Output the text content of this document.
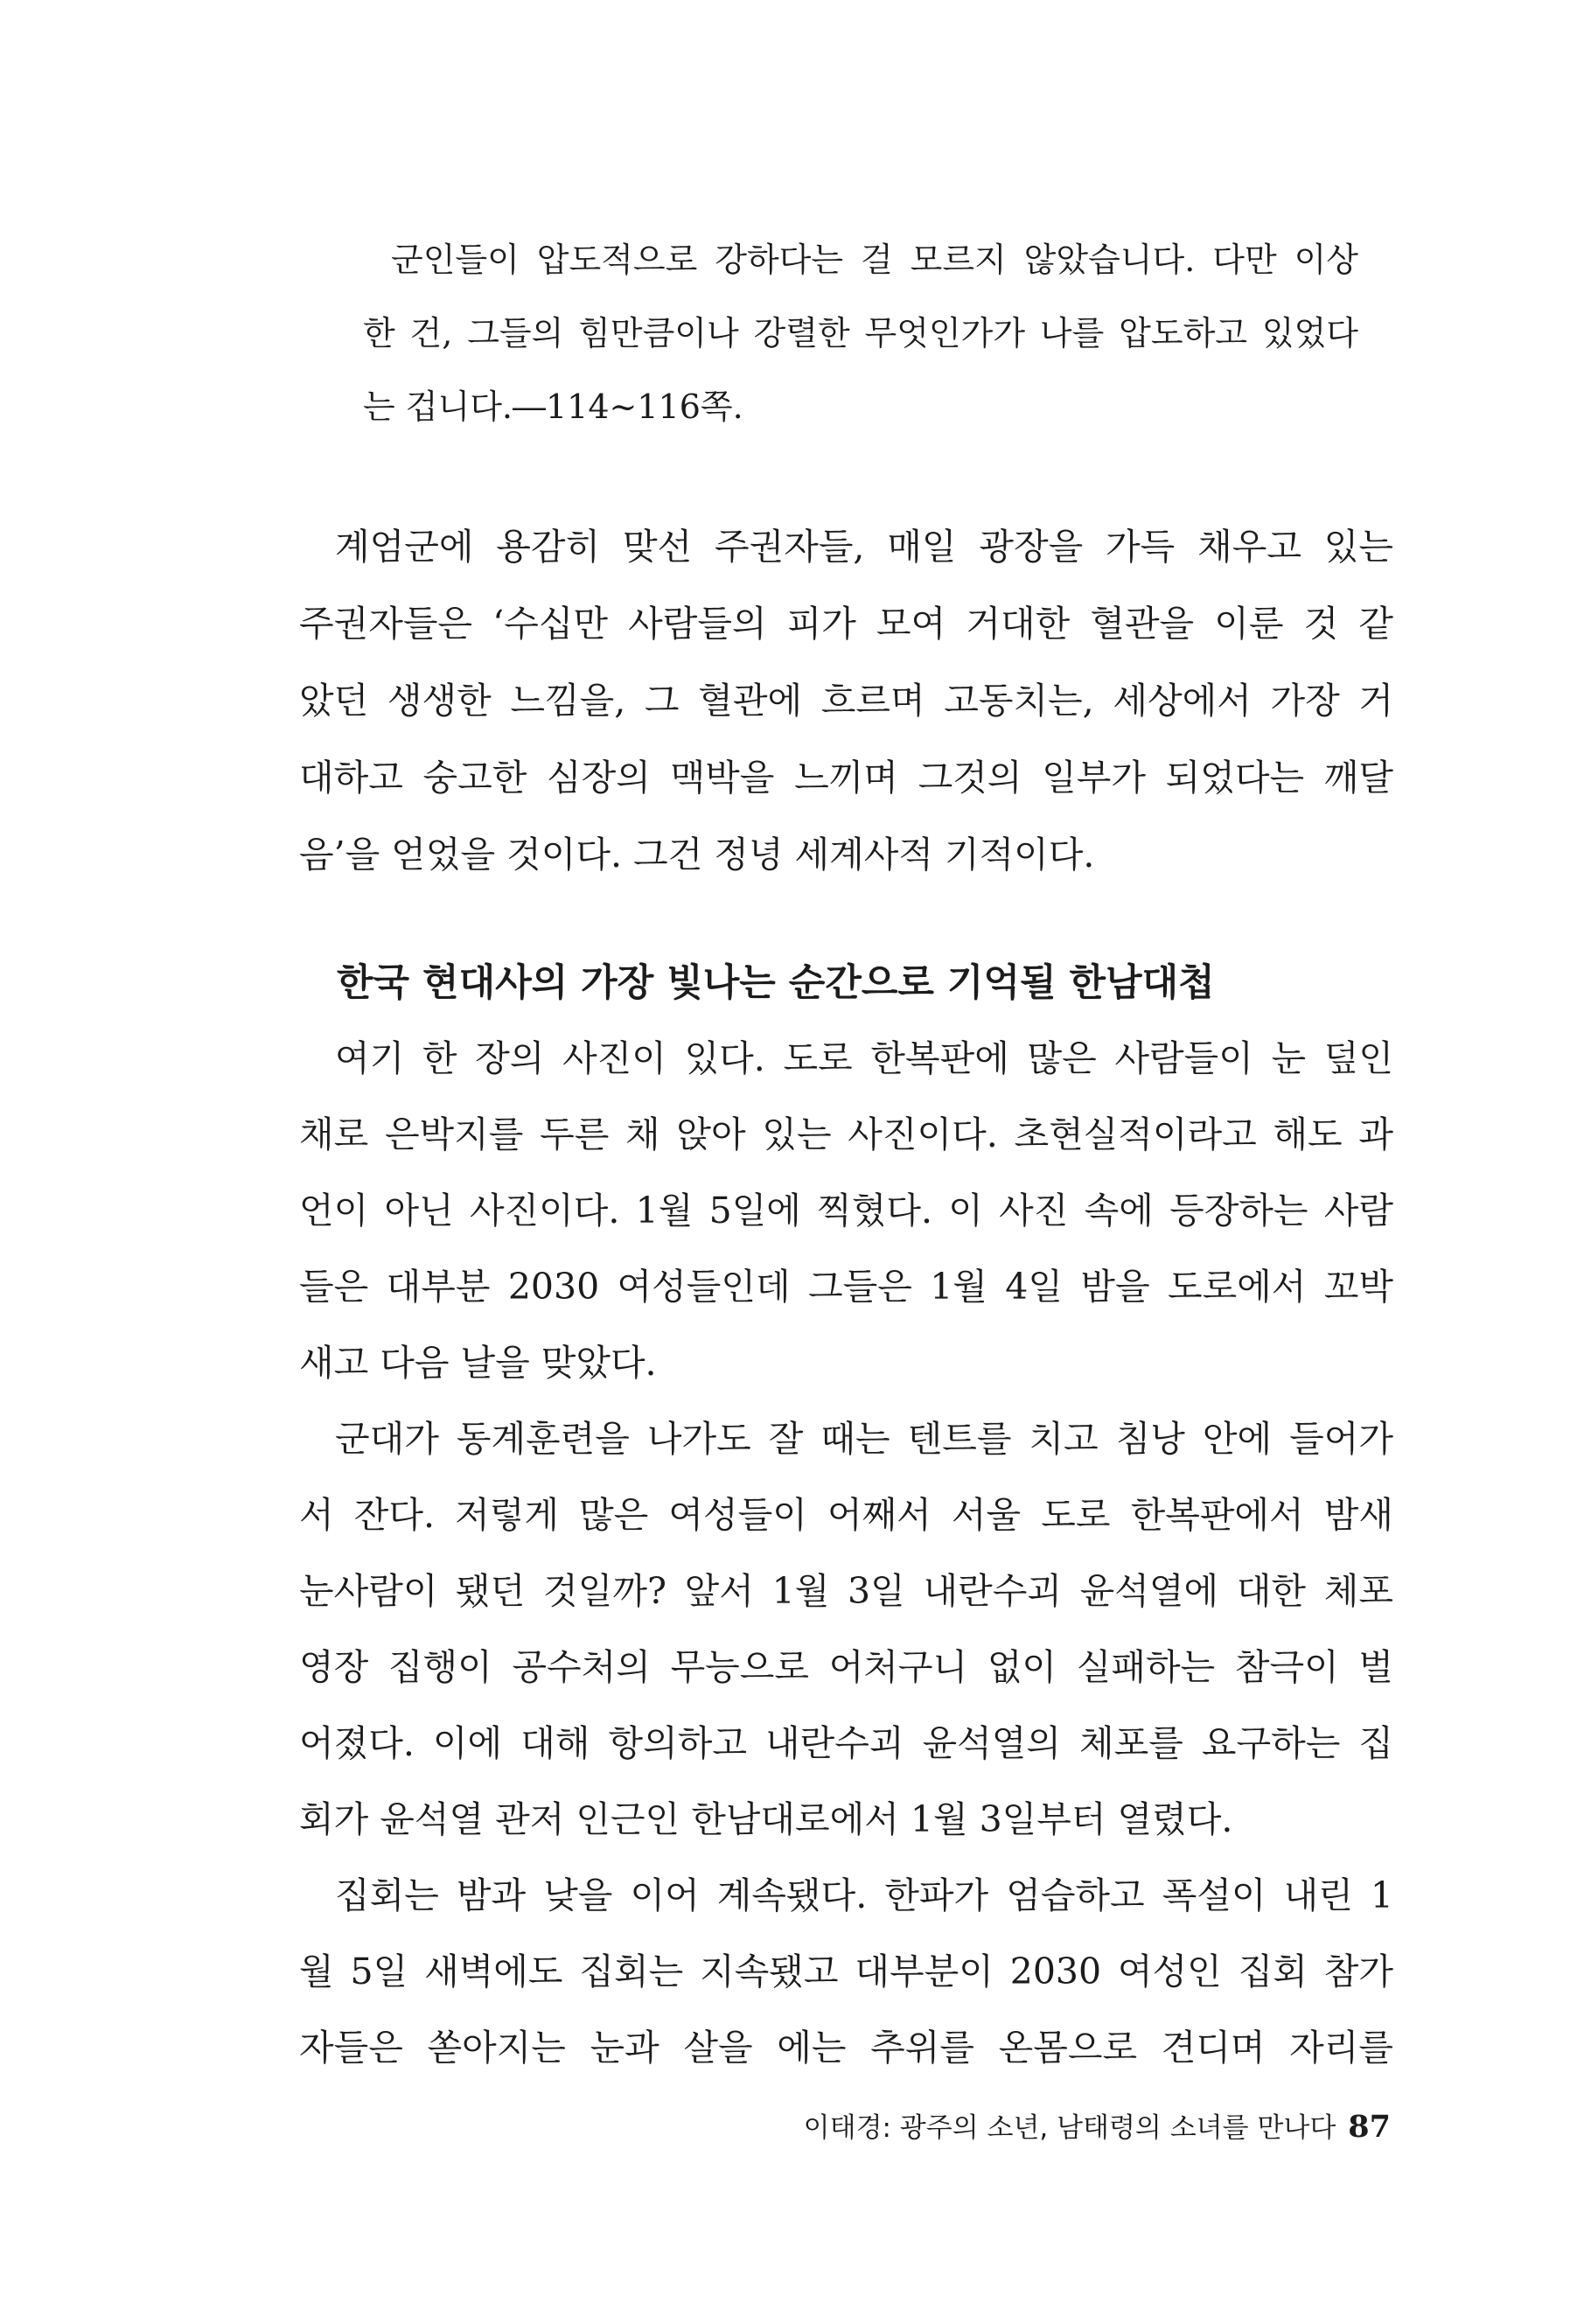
군인들이 압도적으로 강하다는 걸 모르지 않았습니다. 다만 이상
한 건, 그들의 힘만큼이나 강렬한 무엇인가가 나를 압도하고 있었다
는 겁니다.―114~116쪽.
계엄군에 용감히 맞선 주권자들, 매일 광장을 가득 채우고 있는
주권자들은 ‘수십만 사람들의 피가 모여 거대한 혈관을 이룬 것 같
았던 생생한 느낌을, 그 혈관에 흐르며 고동치는, 세상에서 가장 거
대하고 숭고한 심장의 맥박을 느끼며 그것의 일부가 되었다는 깨달
음’을 얻었을 것이다. 그건 정녕 세계사적 기적이다.
한국 현대사의 가장 빛나는 순간으로 기억될 한남대첩
여기 한 장의 사진이 있다. 도로 한복판에 많은 사람들이 눈 덮인
채로 은박지를 두른 채 앉아 있는 사진이다. 초현실적이라고 해도 과
언이 아닌 사진이다. 1월 5일에 찍혔다. 이 사진 속에 등장하는 사람
들은 대부분 2030 여성들인데 그들은 1월 4일 밤을 도로에서 꼬박
새고 다음 날을 맞았다.
군대가 동계훈련을 나가도 잘 때는 텐트를 치고 침낭 안에 들어가
서 잔다. 저렇게 많은 여성들이 어째서 서울 도로 한복판에서 밤새
눈사람이 됐던 것일까? 앞서 1월 3일 내란수괴 윤석열에 대한 체포
영장 집행이 공수처의 무능으로 어처구니 없이 실패하는 참극이 벌
어졌다. 이에 대해 항의하고 내란수괴 윤석열의 체포를 요구하는 집
회가 윤석열 관저 인근인 한남대로에서 1월 3일부터 열렸다.
집회는 밤과 낮을 이어 계속됐다. 한파가 엄습하고 폭설이 내린 1
월 5일 새벽에도 집회는 지속됐고 대부분이 2030 여성인 집회 참가
자들은 쏟아지는 눈과 살을 에는 추위를 온몸으로 견디며 자리를
이태경: 광주의 소년, 남태령의 소녀를 만나다 87
